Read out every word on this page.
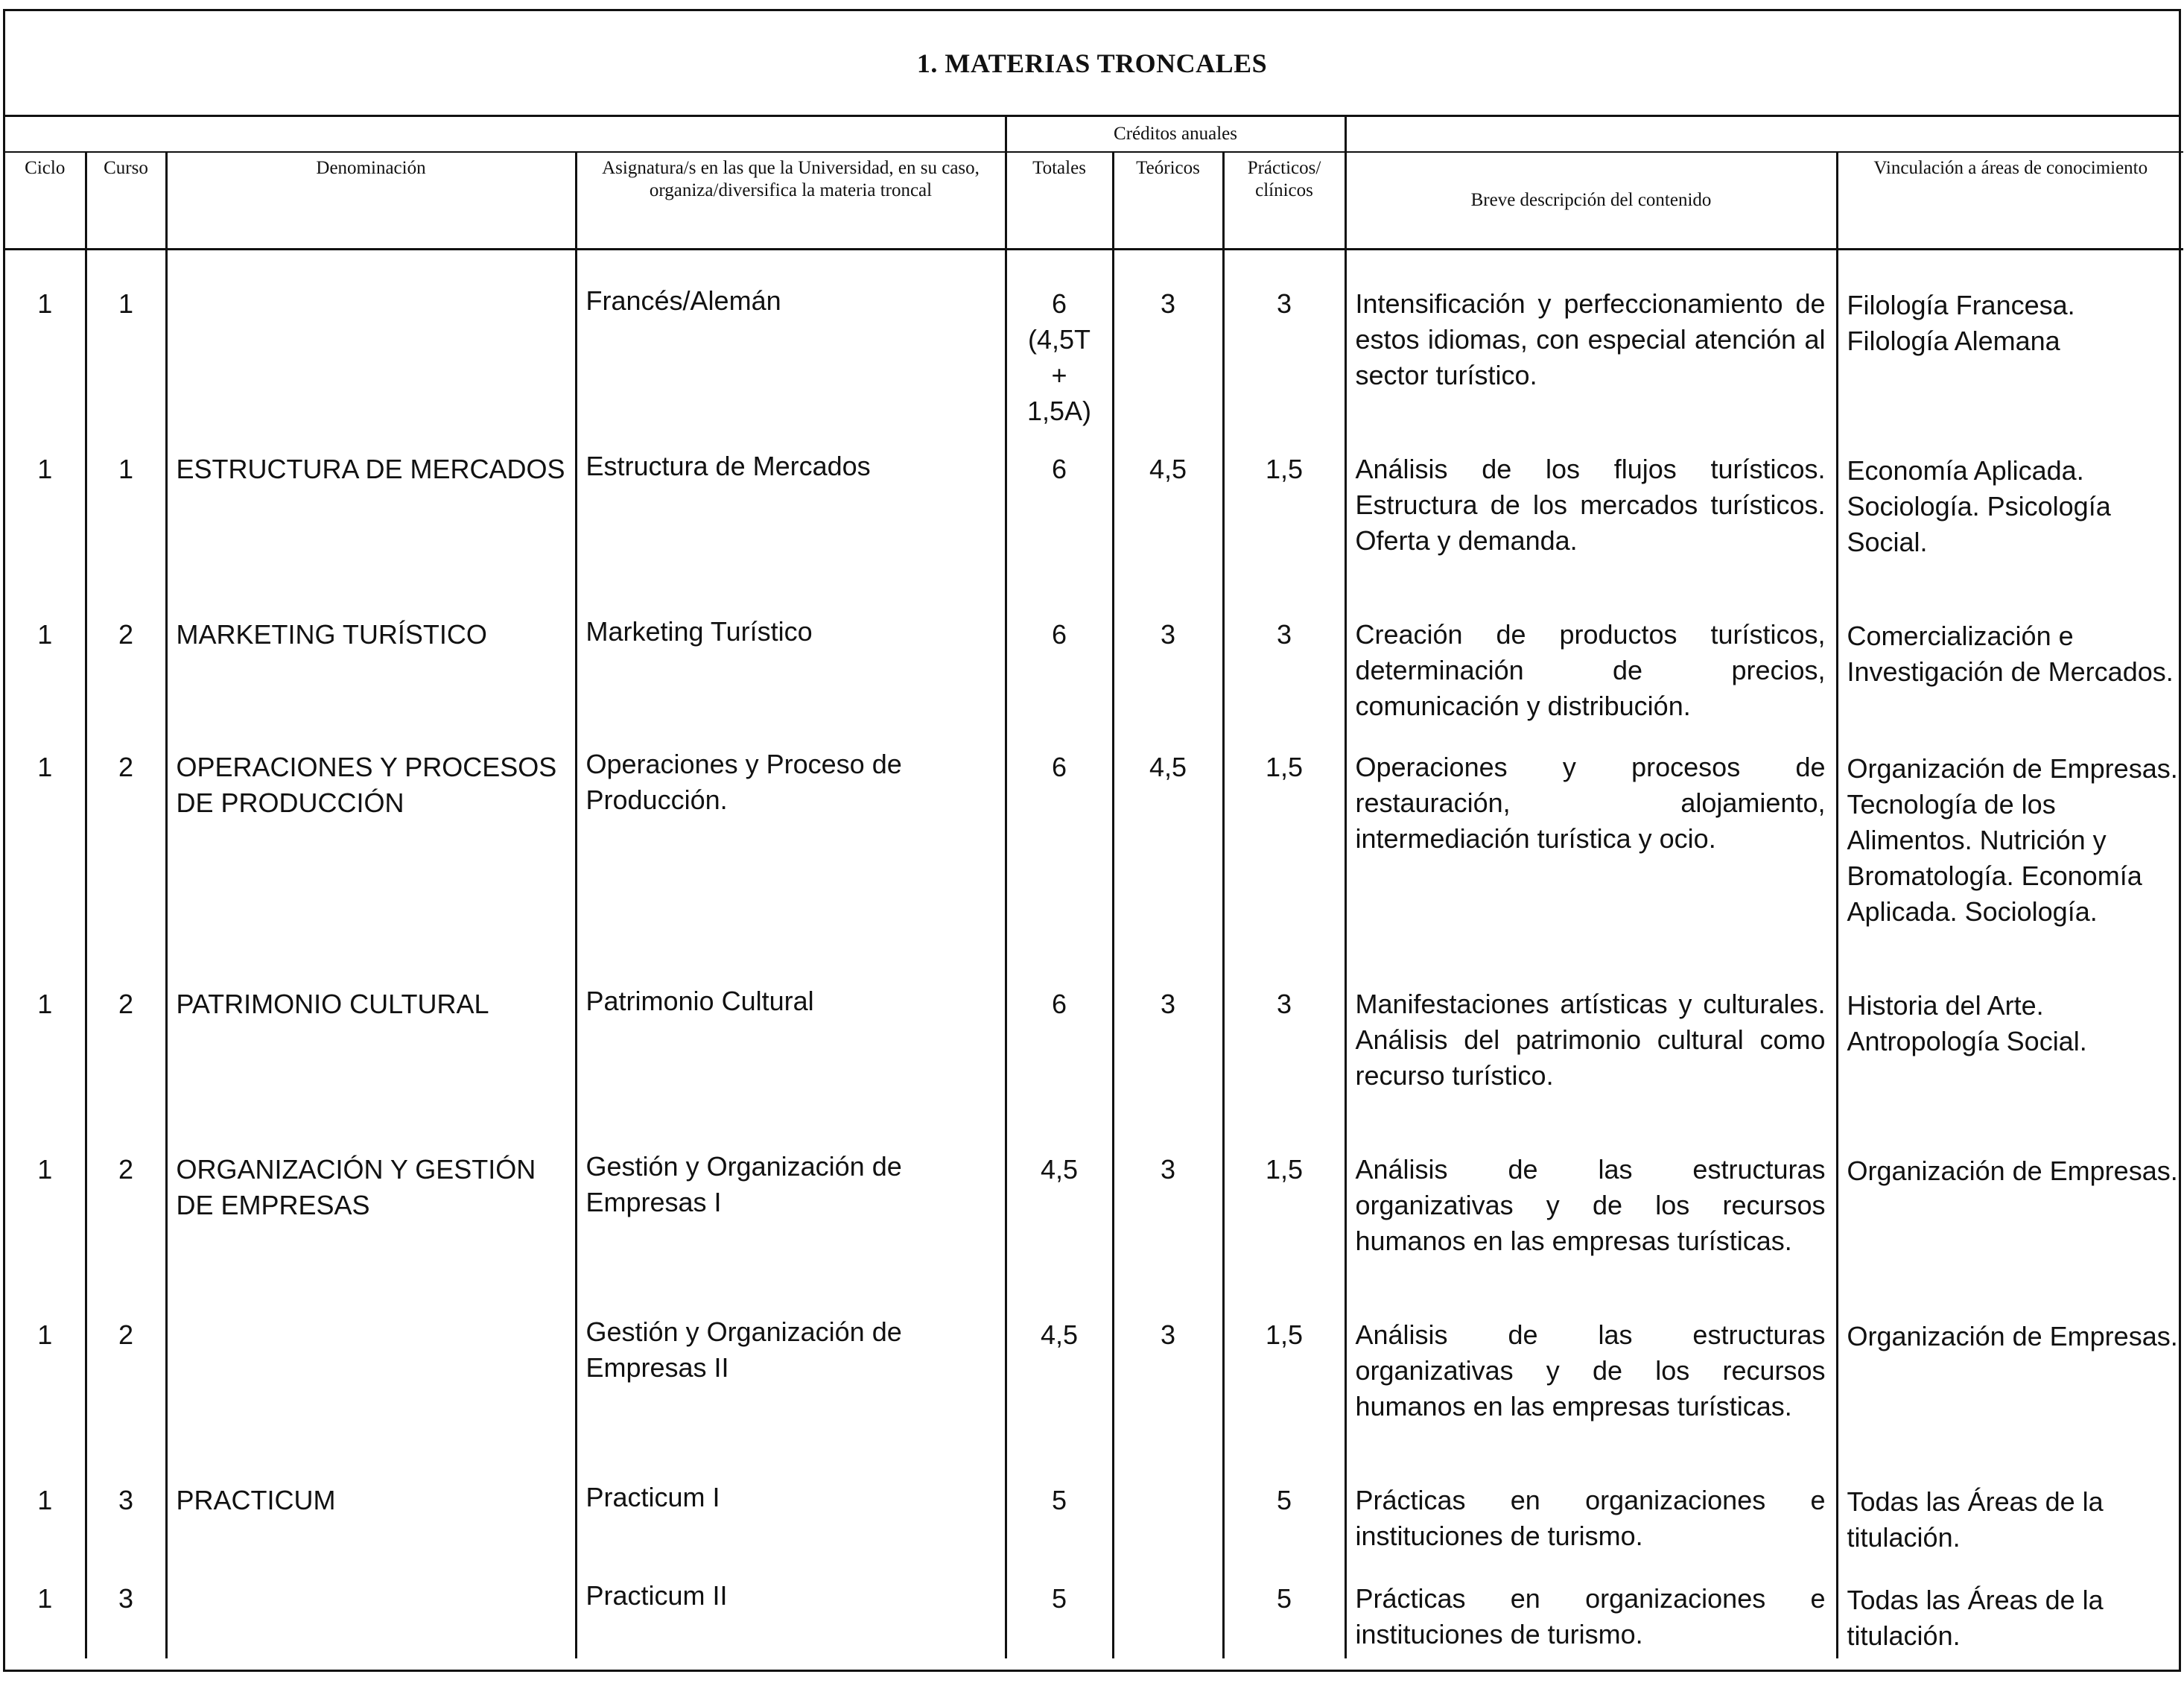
1. MATERIAS TRONCALES
				Créditos anuales				
Ciclo	Curso	Denominación	Asignatura/s en las que la Universidad, en su caso, organiza/diversifica la materia troncal	Totales	Teóricos	Prácticos/ clínicos	Breve descripción del contenido	Vinculación a áreas de conocimiento

1	1		Francés/Alemán	6 (4,5T + 1,5A)	3	3	Intensificación y perfeccionamiento de estos idiomas, con especial atención al sector turístico.	Filología Francesa. Filología Alemana
1	1	ESTRUCTURA DE MERCADOS	Estructura de Mercados	6	4,5	1,5	Análisis de los flujos turísticos. Estructura de los mercados turísticos. Oferta y demanda.	Economía Aplicada. Sociología. Psicología Social.
1	2	MARKETING TURÍSTICO	Marketing Turístico	6	3	3	Creación de productos turísticos, determinación de precios, comunicación y distribución.	Comercialización e Investigación de Mercados.
1	2	OPERACIONES Y PROCESOS DE PRODUCCIÓN	Operaciones y Proceso de Producción.	6	4,5	1,5	Operaciones y procesos de restauración, alojamiento, intermediación turística y ocio.	Organización de Empresas. Tecnología de los Alimentos. Nutrición y Bromatología. Economía Aplicada. Sociología.
1	2	PATRIMONIO CULTURAL	Patrimonio Cultural	6	3	3	Manifestaciones artísticas y culturales. Análisis del patrimonio cultural como recurso turístico.	Historia del Arte. Antropología Social.
1	2	ORGANIZACIÓN Y GESTIÓN DE EMPRESAS	Gestión y Organización de Empresas I	4,5	3	1,5	Análisis de las estructuras organizativas y de los recursos humanos en las empresas turísticas.	Organización de Empresas.
1	2		Gestión y Organización de Empresas II	4,5	3	1,5	Análisis de las estructuras organizativas y de los recursos humanos en las empresas turísticas.	Organización de Empresas.
1	3	PRACTICUM	Practicum I	5		5	Prácticas en organizaciones e instituciones de turismo.	Todas las Áreas de la titulación.
1	3		Practicum II	5		5	Prácticas en organizaciones e instituciones de turismo.	Todas las Áreas de la titulación.
